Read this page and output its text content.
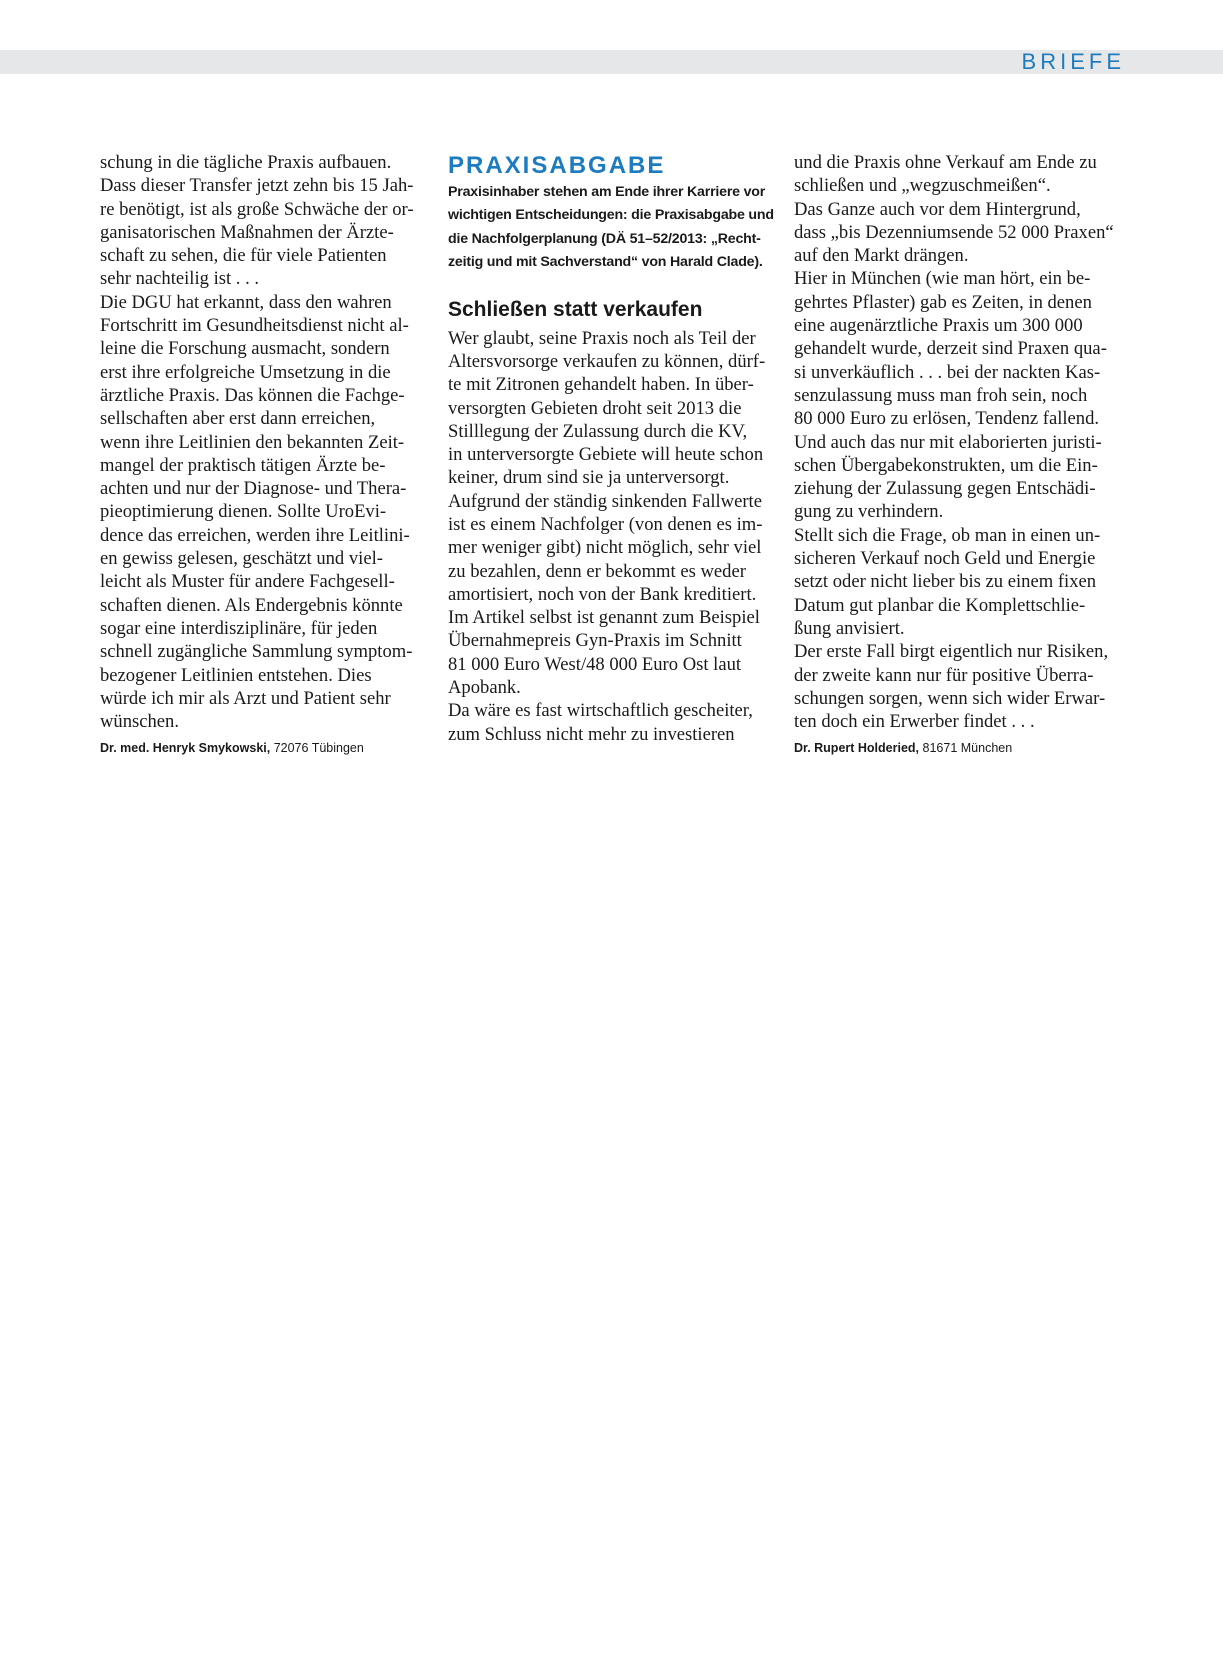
BRIEFE
schung in die tägliche Praxis aufbauen.
Dass dieser Transfer jetzt zehn bis 15 Jah-
re benötigt, ist als große Schwäche der or-
ganisatorischen Maßnahmen der Ärzte-
schaft zu sehen, die für viele Patienten
sehr nachteilig ist . . .
Die DGU hat erkannt, dass den wahren
Fortschritt im Gesundheitsdienst nicht al-
leine die Forschung ausmacht, sondern
erst ihre erfolgreiche Umsetzung in die
ärztliche Praxis. Das können die Fachge-
sellschaften aber erst dann erreichen,
wenn ihre Leitlinien den bekannten Zeit-
mangel der praktisch tätigen Ärzte be-
achten und nur der Diagnose- und Thera-
pieoptimierung dienen. Sollte UroEvi-
dence das erreichen, werden ihre Leitlini-
en gewiss gelesen, geschätzt und viel-
leicht als Muster für andere Fachgesell-
schaften dienen. Als Endergebnis könnte
sogar eine interdisziplinäre, für jeden
schnell zugängliche Sammlung symptom-
bezogener Leitlinien entstehen. Dies
würde ich mir als Arzt und Patient sehr
wünschen.
Dr. med. Henryk Smykowski, 72076 Tübingen
PRAXISABGABE
Praxisinhaber stehen am Ende ihrer Karriere vor
wichtigen Entscheidungen: die Praxisabgabe und
die Nachfolgerplanung (DÄ 51–52/2013: „Recht-
zeitig und mit Sachverstand“ von Harald Clade).
Schließen statt verkaufen
Wer glaubt, seine Praxis noch als Teil der
Altersvorsorge verkaufen zu können, dürf-
te mit Zitronen gehandelt haben. In über-
versorgten Gebieten droht seit 2013 die
Stilllegung der Zulassung durch die KV,
in unterversorgte Gebiete will heute schon
keiner, drum sind sie ja unterversorgt.
Aufgrund der ständig sinkenden Fallwerte
ist es einem Nachfolger (von denen es im-
mer weniger gibt) nicht möglich, sehr viel
zu bezahlen, denn er bekommt es weder
amortisiert, noch von der Bank kreditiert.
Im Artikel selbst ist genannt zum Beispiel
Übernahmepreis Gyn-Praxis im Schnitt
81 000 Euro West/48 000 Euro Ost laut
Apobank.
Da wäre es fast wirtschaftlich gescheiter,
zum Schluss nicht mehr zu investieren
und die Praxis ohne Verkauf am Ende zu
schließen und „wegzuschmeißen“.
Das Ganze auch vor dem Hintergrund,
dass „bis Dezenniumsende 52 000 Praxen“
auf den Markt drängen.
Hier in München (wie man hört, ein be-
gehrtes Pflaster) gab es Zeiten, in denen
eine augenärztliche Praxis um 300 000
gehandelt wurde, derzeit sind Praxen qua-
si unverkäuflich . . . bei der nackten Kas-
senzulassung muss man froh sein, noch
80 000 Euro zu erlösen, Tendenz fallend.
Und auch das nur mit elaborierten juristi-
schen Übergabekonstrukten, um die Ein-
ziehung der Zulassung gegen Entschädi-
gung zu verhindern.
Stellt sich die Frage, ob man in einen un-
sicheren Verkauf noch Geld und Energie
setzt oder nicht lieber bis zu einem fixen
Datum gut planbar die Komplettschlie-
ßung anvisiert.
Der erste Fall birgt eigentlich nur Risiken,
der zweite kann nur für positive Überra-
schungen sorgen, wenn sich wider Erwar-
ten doch ein Erwerber findet . . .
Dr. Rupert Holderied, 81671 München
